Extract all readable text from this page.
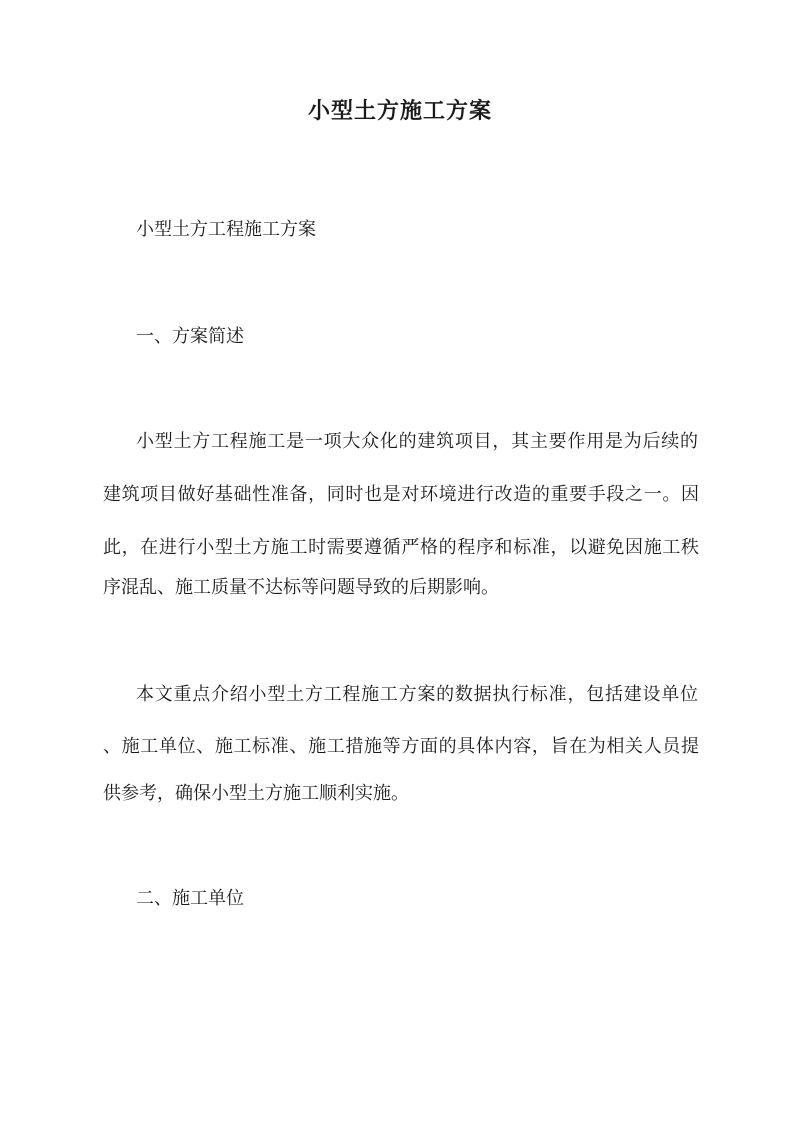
小型土方施工方案

小型土方工程施工方案

一、方案简述

小型土方工程施工是一项大众化的建筑项目，其主要作用是为后续的

建筑项目做好基础性准备，同时也是对环境进行改造的重要手段之一。因

此，在进行小型土方施工时需要遵循严格的程序和标准，以避免因施工秩

序混乱、施工质量不达标等问题导致的后期影响。

本文重点介绍小型土方工程施工方案的数据执行标准，包括建设单位

、施工单位、施工标准、施工措施等方面的具体内容，旨在为相关人员提

供参考，确保小型土方施工顺利实施。

二、施工单位
